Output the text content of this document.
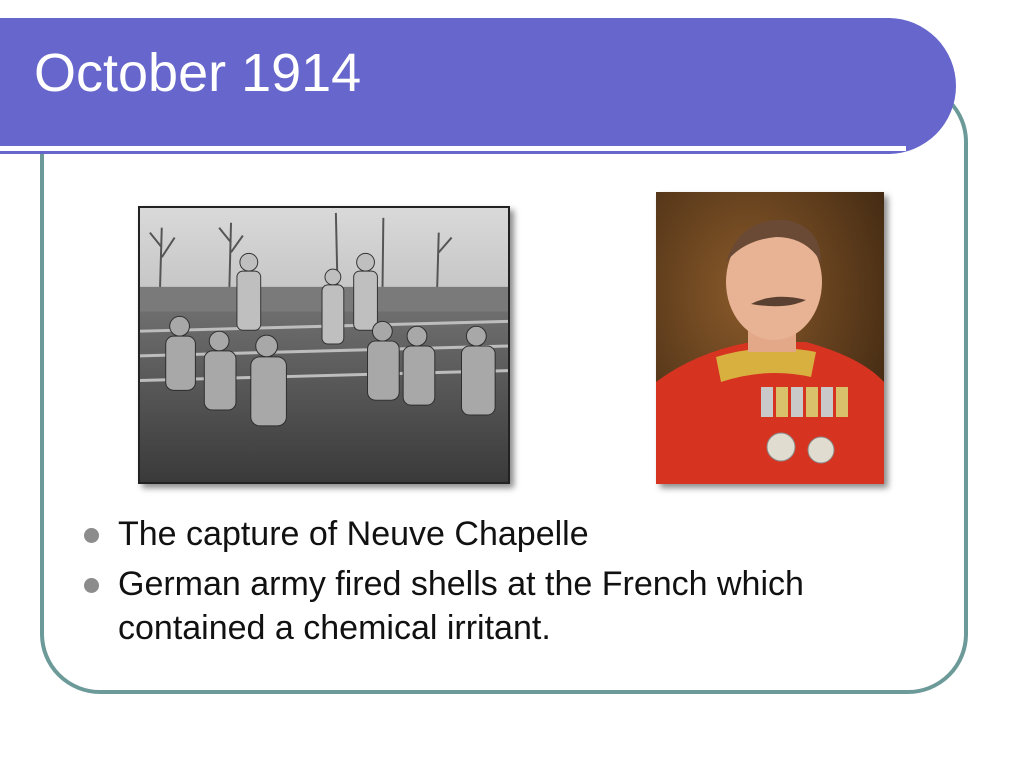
October 1914
The capture of Neuve Chapelle
German army fired shells at the French which contained a chemical irritant.
